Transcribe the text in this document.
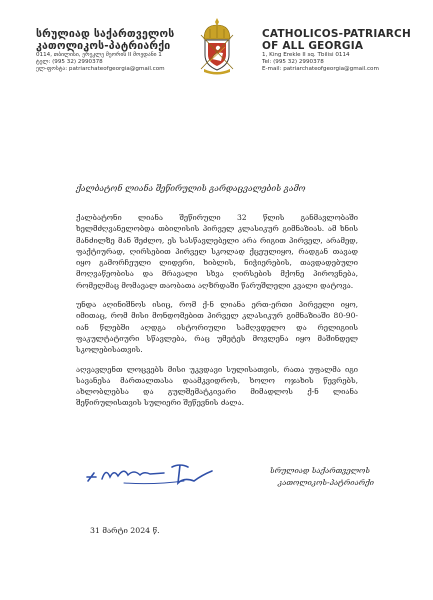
სრულიად საქართველოს
კათოლიკოს-პატრიარქი
0114, თბილისი, ერეკლე მეორის II მოედანი 1
ტელ: (995 32) 2990378
ელ-ფოსტა: patriarchateofgeorgia@gmail.com
CATHOLICOS-PATRIARCH
OF ALL GEORGIA
1, King Erekle II sq. Tbilisi 0114
Tel: (995 32) 2990378
E-mail: patriarchateofgeorgia@gmail.com
ქალბატონ ლიანა შეწირულის გარდაცვალების გამო

ქალბატონი ლიანა შეწირული 32 წლის განმავლობაში ხელმძღვანელობდა თბილისის პირველ კლასიკურ გიმნაზიას. ამ ხნის მანძილზე მან შეძლო, ეს სასწავლებელი არა რიგით პირველ, არამედ, ფაქტიურად, ღირსებით პირველ სკოლად ქცეულიყო, რადგან თავად იყო გამორჩეული ლიდერი, ხიბლის, ნიჭიერების, თავდადებული მოღვაწეობისა და მრავალი სხვა ღირსების მქონე პიროვნება, რომელმაც მომავალ თაობათა აღზრდაში წარუშლელი კვალი დატოვა.

უნდა აღინიშნოს ისიც, რომ ქ-ნ ლიანა ერთ-ერთი პირველი იყო, იმითაც, რომ მისი მონდომებით პირველ კლასიკურ გიმნაზიაში 80-90-იან წლებში აღდგა ისტორიული სამღვდელო და რელიგიის ფაკულტატიური სწავლება, რაც უმეტეს მოვლენა იყო მაშინდელ სკოლებისათვის.

აღვავლენთ ლოცვებს მისი უკვდავი სულისათვის, რათა უფალმა იგი სავანესა მართალთასა დაამკვიდროს, ხოლო ოჯახის წევრებს, ახლობლებსა და გულშემატკივარი მიმადლოს ქ-ნ ლიანა შეწირულისთვის სულიერი შეწევნის ძალა.

სრულიად საქართველოს
კათოლიკოს-პატრიარქი
31 მარტი 2024 წ.
